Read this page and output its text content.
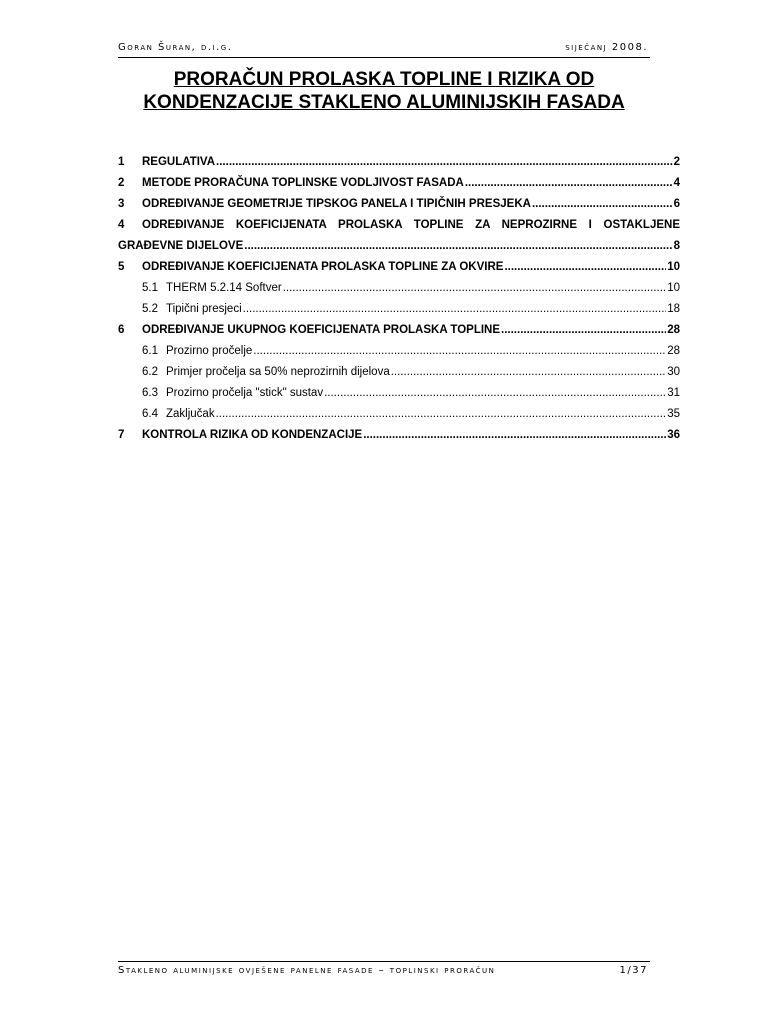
Goran Šuran, d.i.g.	siječanj 2008.
PRORAČUN PROLASKA TOPLINE I RIZIKA OD
KONDENZACIJE STAKLENO ALUMINIJSKIH FASADA
1	REGULATIVA .....	2
2	METODE PRORAČUNA TOPLINSKE VODLJIVOST FASADA .....	4
3	ODREĐIVANJE GEOMETRIJE TIPSKOG PANELA I TIPIČNIH PRESJEKA .....	6
4	ODREĐIVANJE KOEFICIJENATA PROLASKA TOPLINE ZA NEPROZIRNE I OSTAKLJENE
GRAĐEVNE DIJELOVE .....	8
5	ODREĐIVANJE KOEFICIJENATA PROLASKA TOPLINE ZA OKVIRE .....	10
5.1 THERM 5.2.14 Softver .....	10
5.2 Tipični presjeci .....	18
6	ODREĐIVANJE UKUPNOG KOEFICIJENATA PROLASKA TOPLINE .....	28
6.1 Prozirno pročelje .....	28
6.2 Primjer pročelja sa 50% neprozirnih dijelova .....	30
6.3 Prozirno pročelja "stick" sustav .....	31
6.4 Zaključak .....	35
7	KONTROLA RIZIKA OD KONDENZACIJE .....	36
Stakleno aluminijske ovješene panelne fasade – toplinski proračun	1/37
